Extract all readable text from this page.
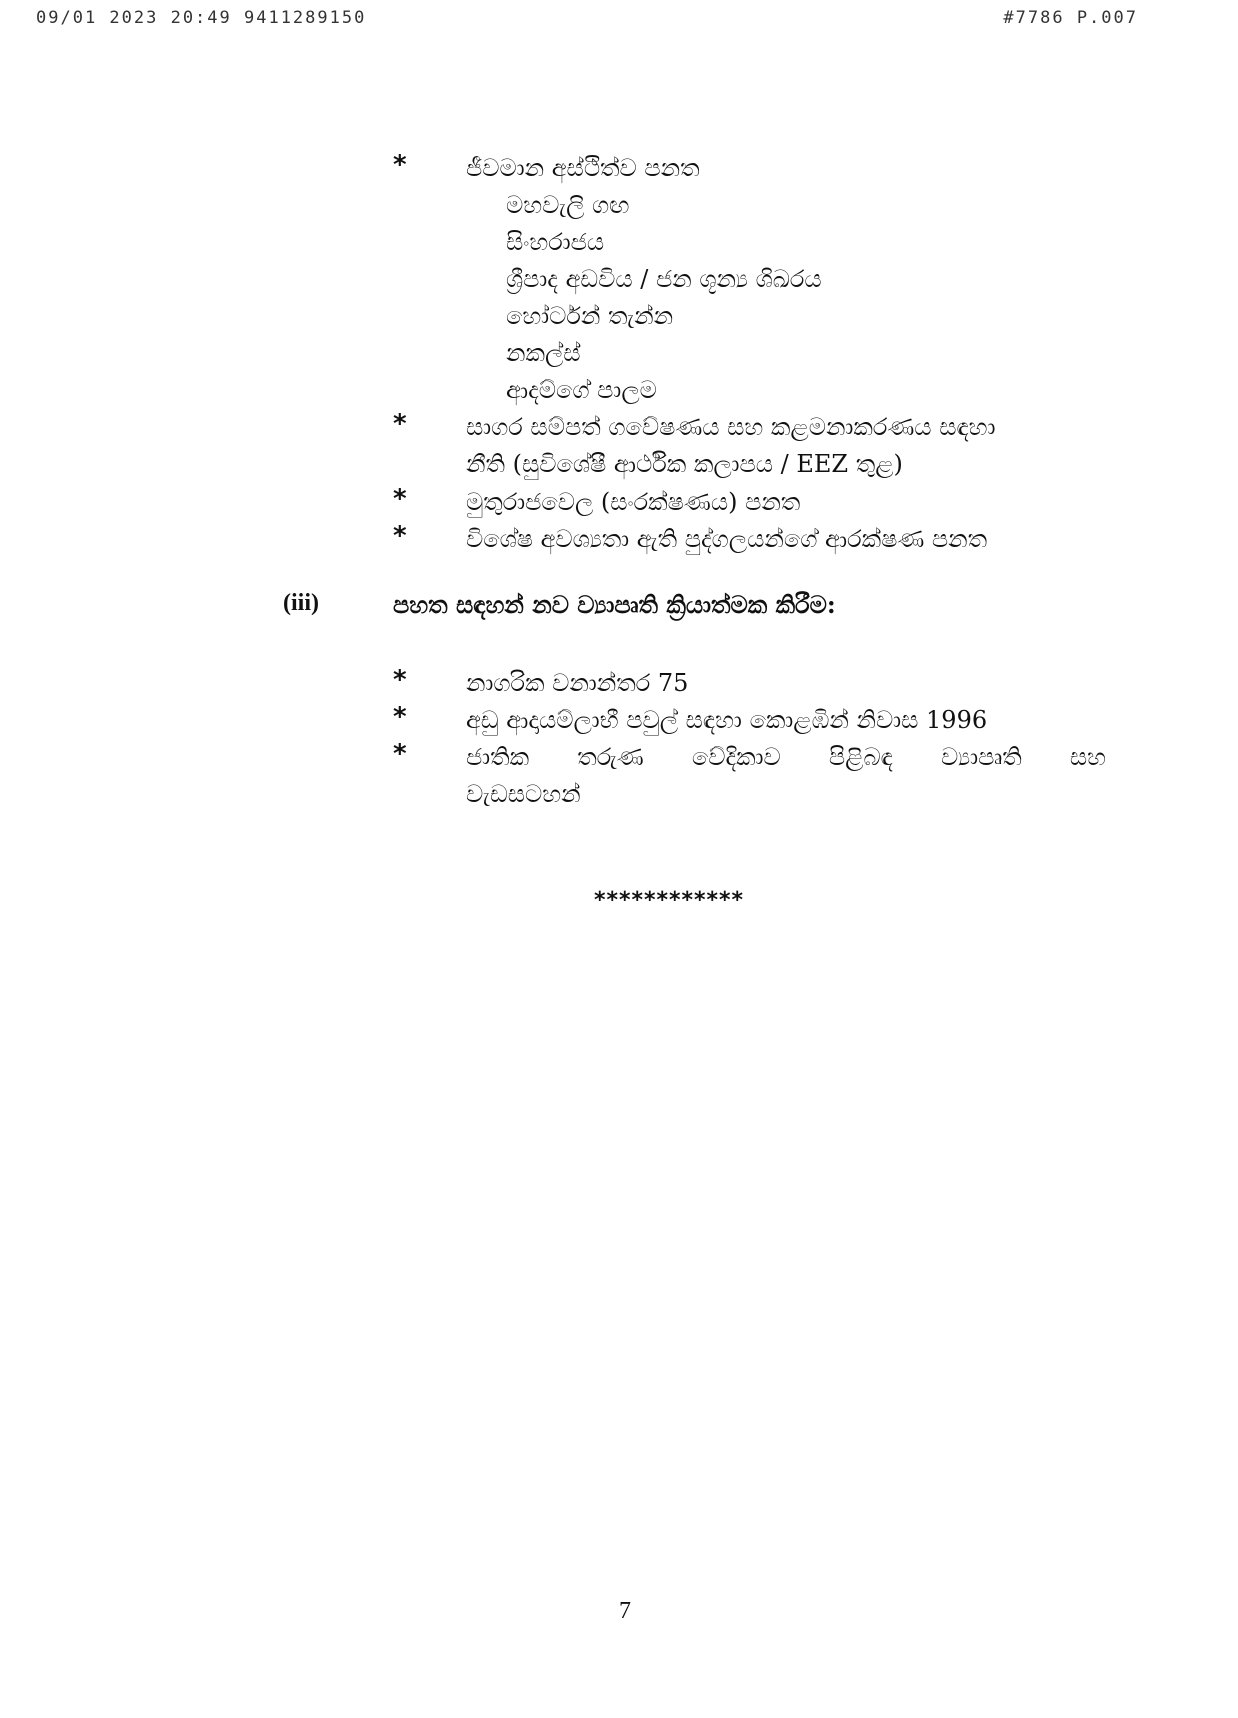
09/01 2023 20:49 9411289150	#7786 P.007
* ජීවමාන අස්ථිත්ව පනත
මහවැලි ගඟ
සිංහරාජය
ශ්‍රීපාද අඩවිය / ජන ශූන්‍ය ශිඛරය
හෝර්ටන් තැන්න
නකල්ස්
ආදම්ගේ පාලම
* සාගර සම්පත් ගවේෂණය සහ කළමනාකරණය සඳහා
නීති (සුවිශේෂී ආර්ථික කලාපය / EEZ තුළ)
* මුතුරාජවෙල (සංරක්ෂණය) පනත
* විශේෂ අවශ්‍යතා ඇති පුද්ගලයන්ගේ ආරක්ෂණ පනත
(iii)	පහත සඳහන් නව ව්‍යාපෘති ක්‍රියාත්මක කිරීම:
* නාගරික වනාන්තර 75
* අඩු ආදායම්ලාභී පවුල් සඳහා කොළඹින් නිවාස 1996
* ජාතික තරුණ වේදිකාව පිළිබඳ ව්‍යාපෘති සහ
වැඩසටහන්
************
7
